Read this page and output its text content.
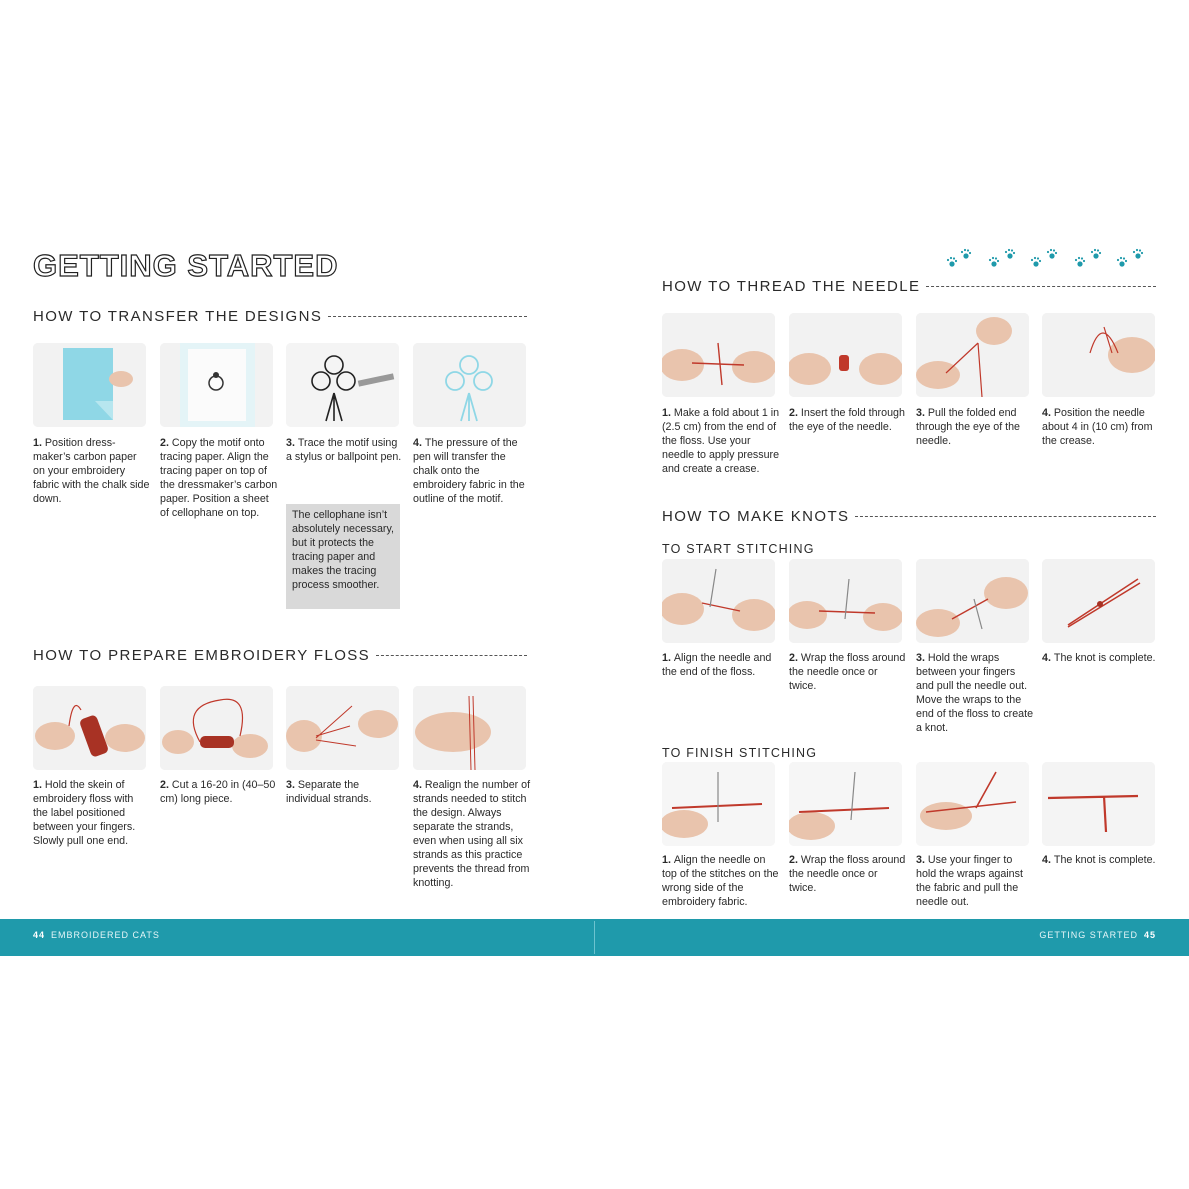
GETTING STARTED
HOW TO TRANSFER THE DESIGNS
1. Position dress-maker’s carbon paper on your embroidery fabric with the chalk side down.
2. Copy the motif onto tracing paper. Align the tracing paper on top of the dressmaker’s carbon paper. Position a sheet of cellophane on top.
3. Trace the motif using a stylus or ballpoint pen.
4. The pressure of the pen will transfer the chalk onto the embroidery fabric in the outline of the motif.
The cellophane isn’t absolutely necessary, but it protects the tracing paper and makes the tracing process smoother.
HOW TO PREPARE EMBROIDERY FLOSS
1. Hold the skein of embroidery floss with the label positioned between your fingers. Slowly pull one end.
2. Cut a 16-20 in (40–50 cm) long piece.
3. Separate the individual strands.
4. Realign the number of strands needed to stitch the design. Always separate the strands, even when using all six strands as this practice prevents the thread from knotting.
HOW TO THREAD THE NEEDLE
1. Make a fold about 1 in (2.5 cm) from the end of the floss. Use your needle to apply pressure and create a crease.
2. Insert the fold through the eye of the needle.
3. Pull the folded end through the eye of the needle.
4. Position the needle about 4 in (10 cm) from the crease.
HOW TO MAKE KNOTS
TO START STITCHING
1. Align the needle and the end of the floss.
2. Wrap the floss around the needle once or twice.
3. Hold the wraps between your fingers and pull the needle out. Move the wraps to the end of the floss to create a knot.
4. The knot is complete.
TO FINISH STITCHING
1. Align the needle on top of the stitches on the wrong side of the embroidery fabric.
2. Wrap the floss around the needle once or twice.
3. Use your finger to hold the wraps against the fabric and pull the needle out.
4. The knot is complete.
44 EMBROIDERED CATS	GETTING STARTED 45
